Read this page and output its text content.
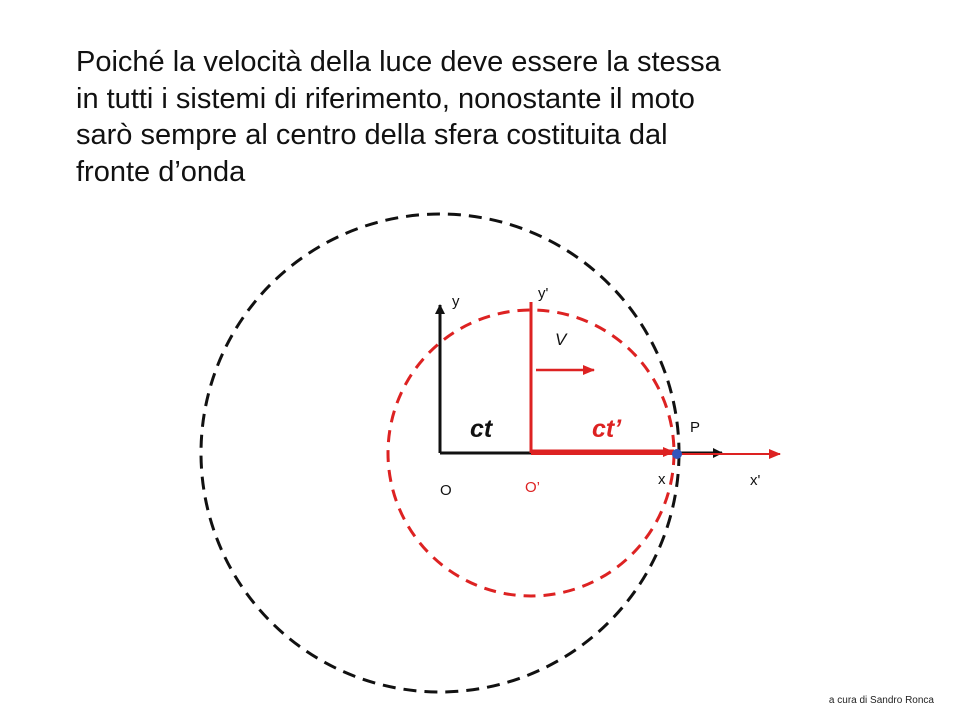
Poiché la velocità della luce deve essere la stessa
in tutti i sistemi di riferimento, nonostante il moto
sarò sempre al centro della sfera costituita dal
fronte d’onda
y	y'
V
ct	ct’	P
x	x'
O	O’
a cura di Sandro Ronca
